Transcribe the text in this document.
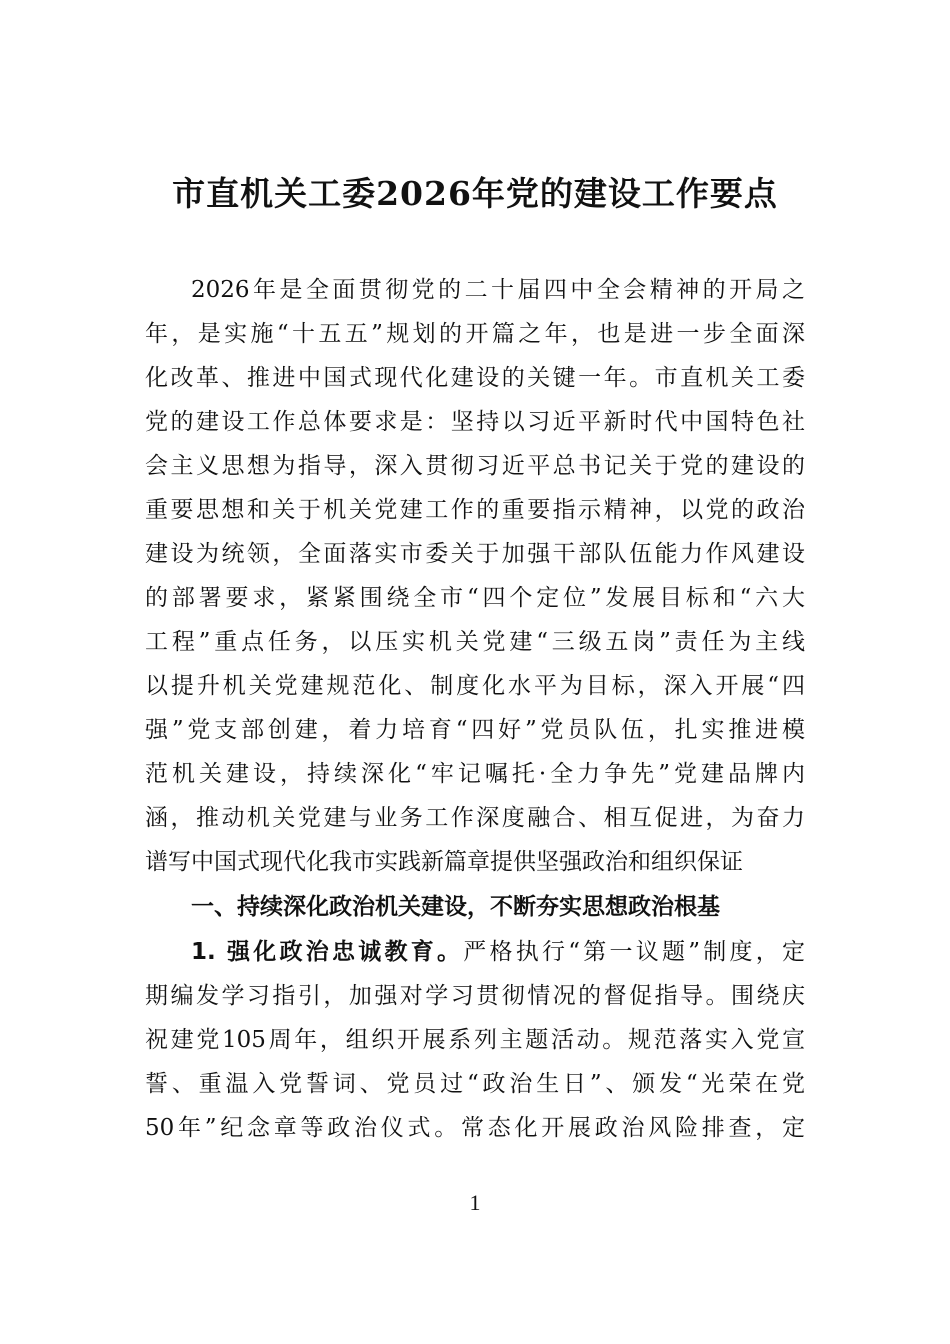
市直机关工委2026年党的建设工作要点
2026年是全面贯彻党的二十届四中全会精神的开局之
年，是实施“十五五”规划的开篇之年，也是进一步全面深
化改革、推进中国式现代化建设的关键一年。市直机关工委
党的建设工作总体要求是：坚持以习近平新时代中国特色社
会主义思想为指导，深入贯彻习近平总书记关于党的建设的
重要思想和关于机关党建工作的重要指示精神，以党的政治
建设为统领，全面落实市委关于加强干部队伍能力作风建设
的部署要求，紧紧围绕全市“四个定位”发展目标和“六大
工程”重点任务，以压实机关党建“三级五岗”责任为主线
以提升机关党建规范化、制度化水平为目标，深入开展“四
强”党支部创建，着力培育“四好”党员队伍，扎实推进模
范机关建设，持续深化“牢记嘱托·全力争先”党建品牌内
涵，推动机关党建与业务工作深度融合、相互促进，为奋力
谱写中国式现代化我市实践新篇章提供坚强政治和组织保证
一、持续深化政治机关建设，不断夯实思想政治根基
1. 强化政治忠诚教育。严格执行“第一议题”制度，定
期编发学习指引，加强对学习贯彻情况的督促指导。围绕庆
祝建党105周年，组织开展系列主题活动。规范落实入党宣
誓、重温入党誓词、党员过“政治生日”、颁发“光荣在党
50年”纪念章等政治仪式。常态化开展政治风险排查，定
1
